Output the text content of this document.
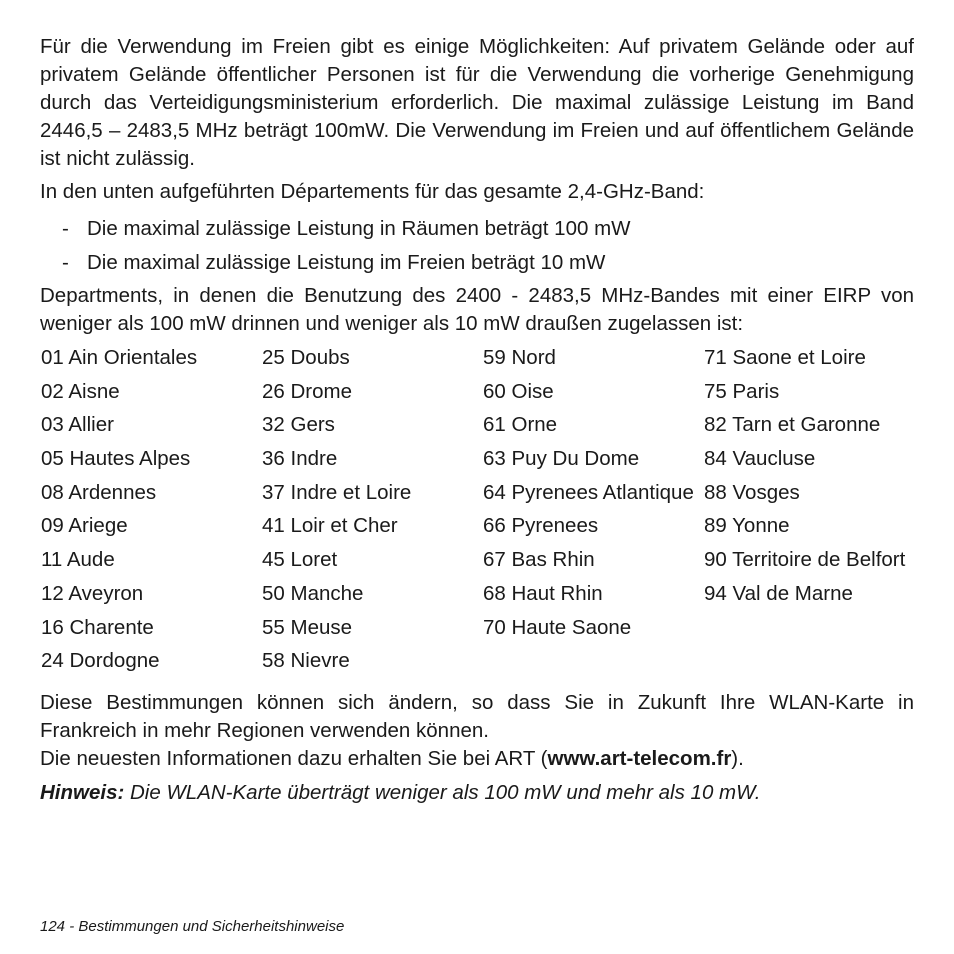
Für die Verwendung im Freien gibt es einige Möglichkeiten: Auf privatem Gelände oder auf privatem Gelände öffentlicher Personen ist für die Verwendung die vorherige Genehmigung durch das Verteidigungsministerium erforderlich. Die maximal zulässige Leistung im Band 2446,5 – 2483,5 MHz beträgt 100mW. Die Verwendung im Freien und auf öffentlichem Gelände ist nicht zulässig.

In den unten aufgeführten Départements für das gesamte 2,4-GHz-Band:

- Die maximal zulässige Leistung in Räumen beträgt 100 mW
- Die maximal zulässige Leistung im Freien beträgt 10 mW

Departments, in denen die Benutzung des 2400 - 2483,5 MHz-Bandes mit einer EIRP von weniger als 100 mW drinnen und weniger als 10 mW draußen zugelassen ist:

01 Ain Orientales
02 Aisne
03 Allier
05 Hautes Alpes
08 Ardennes
09 Ariege
11 Aude
12 Aveyron
16 Charente
24 Dordogne
25 Doubs
26 Drome
32 Gers
36 Indre
37 Indre et Loire
41 Loir et Cher
45 Loret
50 Manche
55 Meuse
58 Nievre
59 Nord
60 Oise
61 Orne
63 Puy Du Dome
64 Pyrenees Atlantique
66 Pyrenees
67 Bas Rhin
68 Haut Rhin
70 Haute Saone
71 Saone et Loire
75 Paris
82 Tarn et Garonne
84 Vaucluse
88 Vosges
89 Yonne
90 Territoire de Belfort
94 Val de Marne

Diese Bestimmungen können sich ändern, so dass Sie in Zukunft Ihre WLAN-Karte in Frankreich in mehr Regionen verwenden können.

Die neuesten Informationen dazu erhalten Sie bei ART (www.art-telecom.fr).

Hinweis: Die WLAN-Karte überträgt weniger als 100 mW und mehr als 10 mW.

124 - Bestimmungen und Sicherheitshinweise
